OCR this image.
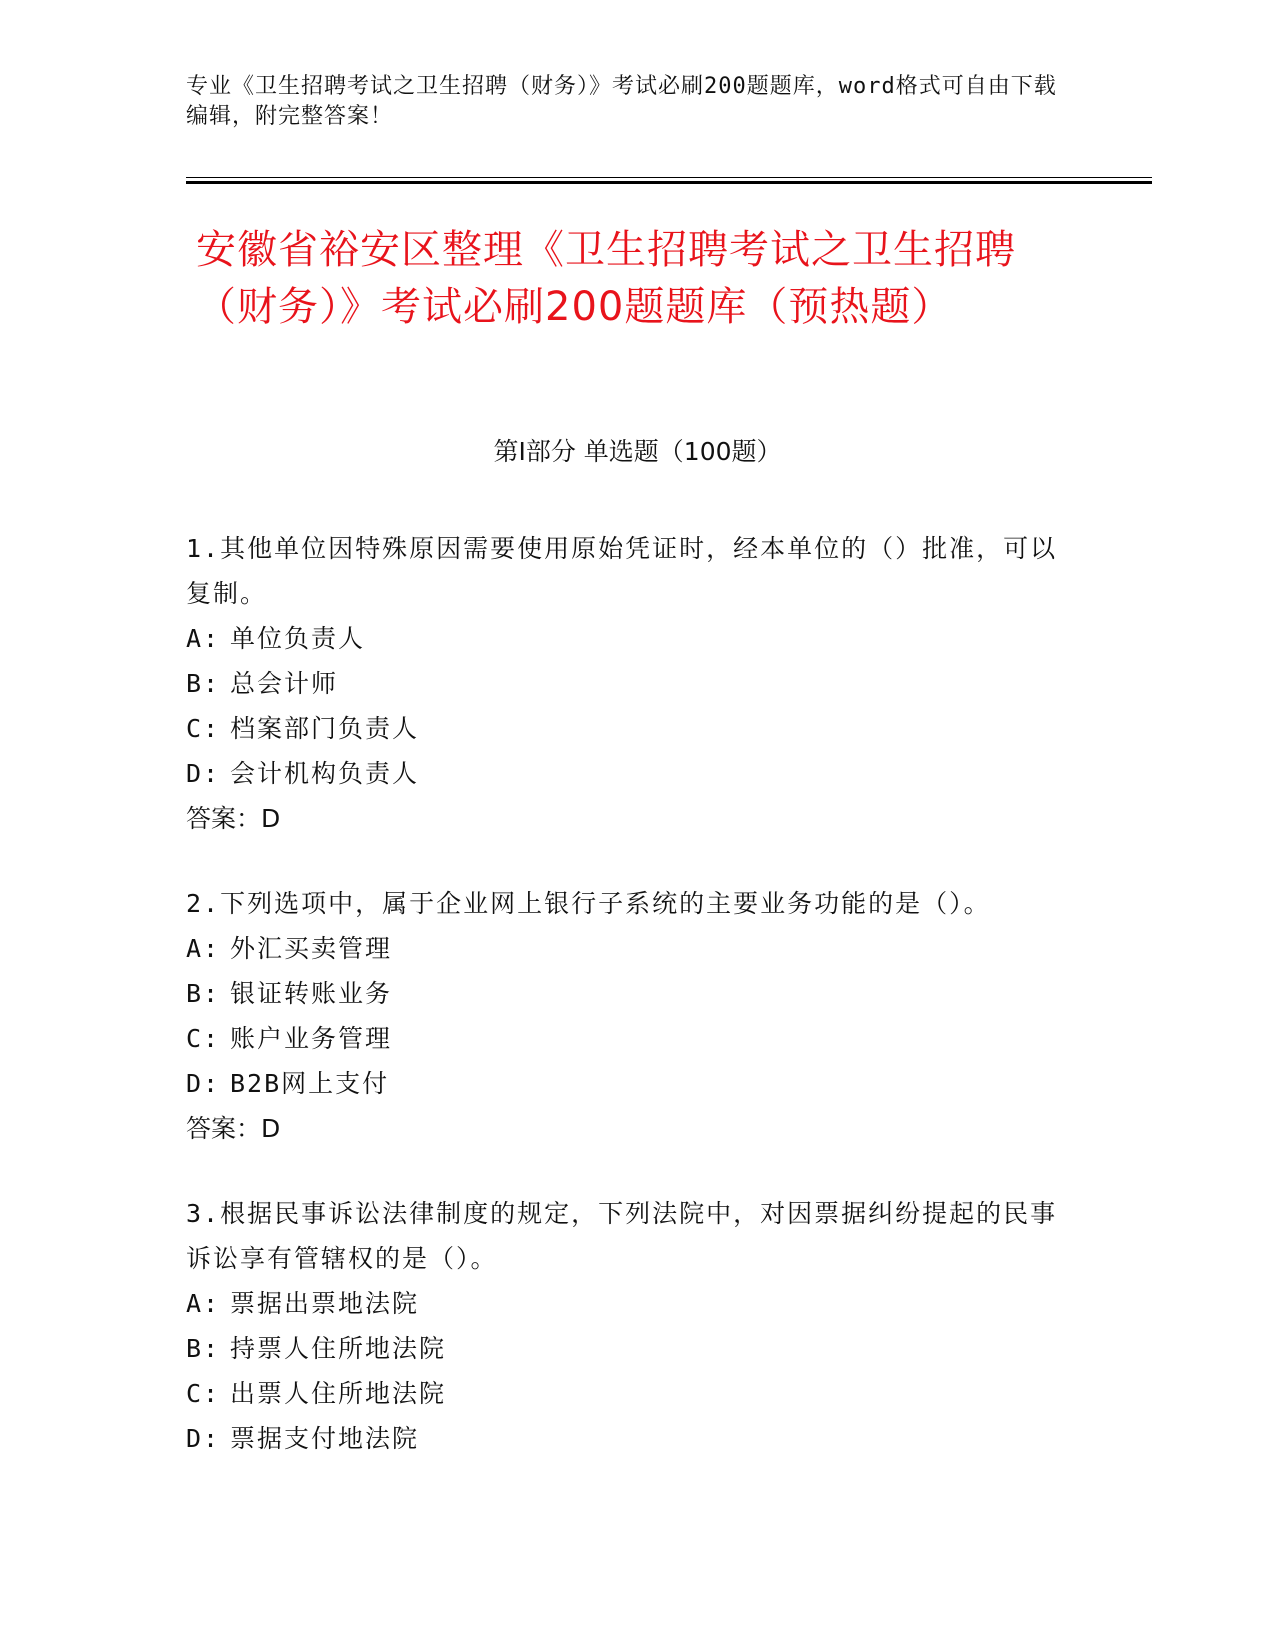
专业《卫生招聘考试之卫生招聘（财务）》考试必刷200题题库，word格式可自由下载编辑，附完整答案！
安徽省裕安区整理《卫生招聘考试之卫生招聘（财务）》考试必刷200题题库（预热题）
第I部分 单选题（100题）
1.其他单位因特殊原因需要使用原始凭证时，经本单位的（）批准，可以复制。
A: 单位负责人
B: 总会计师
C: 档案部门负责人
D: 会计机构负责人
答案：D
2.下列选项中，属于企业网上银行子系统的主要业务功能的是（）。
A: 外汇买卖管理
B: 银证转账业务
C: 账户业务管理
D: B2B网上支付
答案：D
3.根据民事诉讼法律制度的规定，下列法院中，对因票据纠纷提起的民事诉讼享有管辖权的是（）。
A: 票据出票地法院
B: 持票人住所地法院
C: 出票人住所地法院
D: 票据支付地法院
